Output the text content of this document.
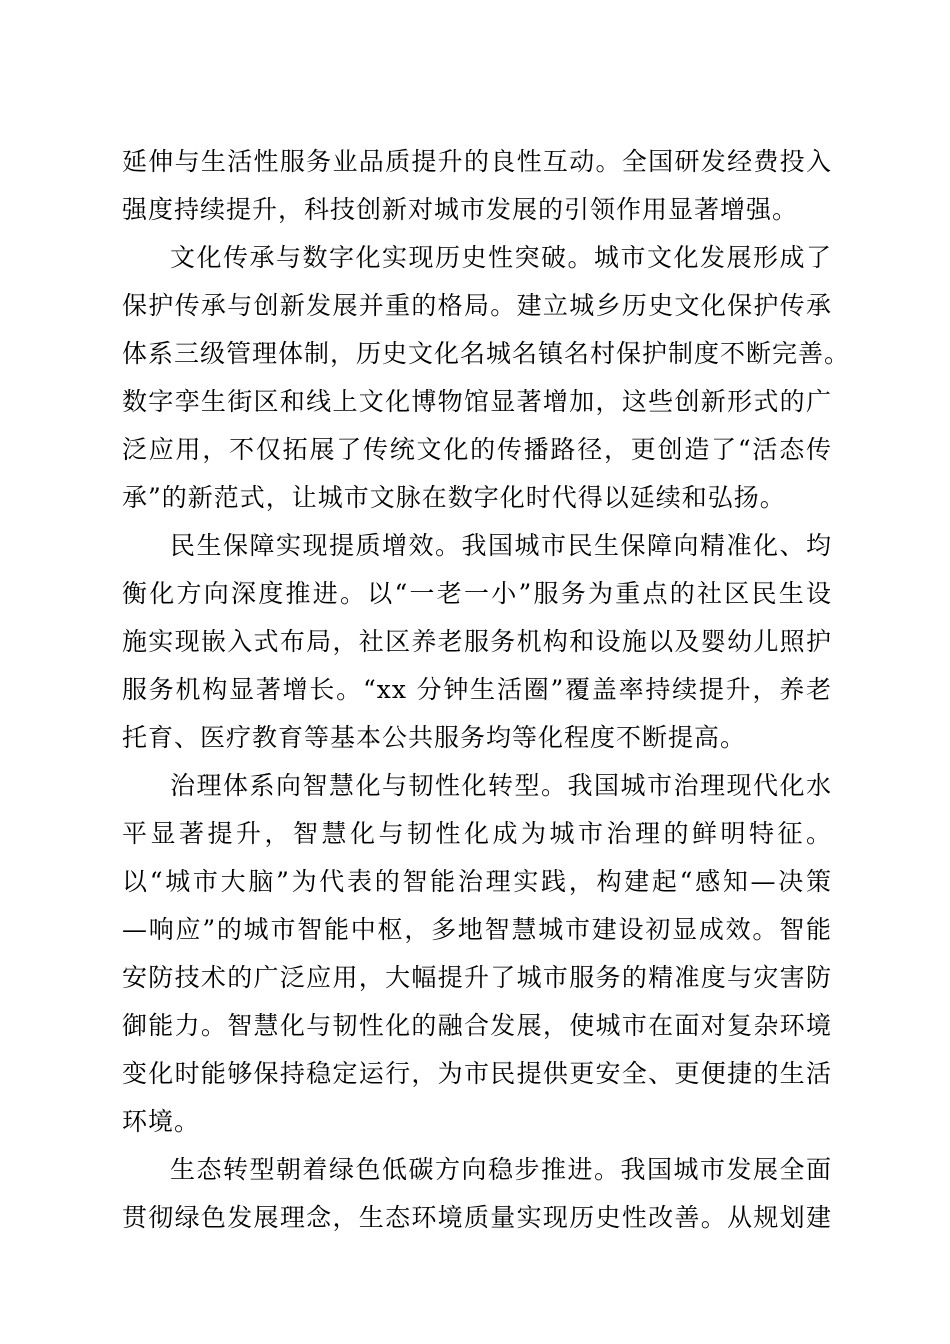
延伸与生活性服务业品质提升的良性互动。全国研发经费投入
强度持续提升，科技创新对城市发展的引领作用显著增强。
文化传承与数字化实现历史性突破。城市文化发展形成了
保护传承与创新发展并重的格局。建立城乡历史文化保护传承
体系三级管理体制，历史文化名城名镇名村保护制度不断完善。
数字孪生街区和线上文化博物馆显著增加，这些创新形式的广
泛应用，不仅拓展了传统文化的传播路径，更创造了“活态传
承”的新范式，让城市文脉在数字化时代得以延续和弘扬。
民生保障实现提质增效。我国城市民生保障向精准化、均
衡化方向深度推进。以“一老一小”服务为重点的社区民生设
施实现嵌入式布局，社区养老服务机构和设施以及婴幼儿照护
服务机构显著增长。“xx 分钟生活圈”覆盖率持续提升，养老
托育、医疗教育等基本公共服务均等化程度不断提高。
治理体系向智慧化与韧性化转型。我国城市治理现代化水
平显著提升，智慧化与韧性化成为城市治理的鲜明特征。
以“城市大脑”为代表的智能治理实践，构建起“感知—决策
—响应”的城市智能中枢，多地智慧城市建设初显成效。智能
安防技术的广泛应用，大幅提升了城市服务的精准度与灾害防
御能力。智慧化与韧性化的融合发展，使城市在面对复杂环境
变化时能够保持稳定运行，为市民提供更安全、更便捷的生活
环境。
生态转型朝着绿色低碳方向稳步推进。我国城市发展全面
贯彻绿色发展理念，生态环境质量实现历史性改善。从规划建
